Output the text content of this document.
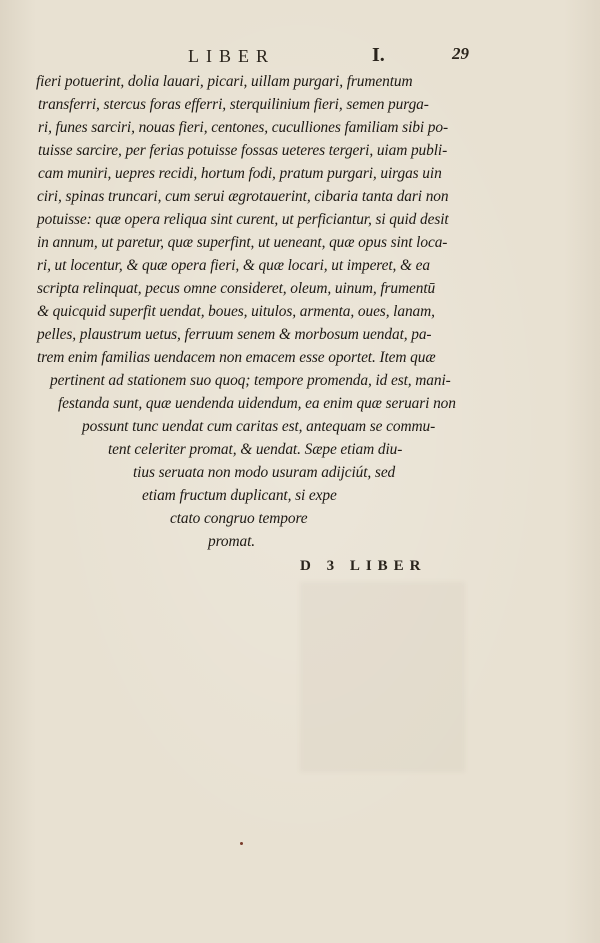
LIBER	I.	29
fieri potuerint, dolia lauari, picari, uillam purgari, frumentum
transferri, stercus foras efferri, sterquilinium fieri, semen purga-
ri, funes sarciri, nouas fieri, centones, cuculliones familiam sibi po-
tuisse sarcire, per ferias potuisse fossas ueteres tergeri, uiam publi-
cam muniri, uepres recidi, hortum fodi, pratum purgari, uirgas uin
ciri, spinas truncari, cum serui ægrotauerint, cibaria tanta dari non
potuisse: quæ opera reliqua sint curent, ut perficiantur, si quid desit
in annum, ut paretur, quæ superfint, ut ueneant, quæ opus sint loca-
ri, ut locentur, & quæ opera fieri, & quæ locari, ut imperet, & ea
scripta relinquat, pecus omne consideret, oleum, uinum, frumentū
& quicquid superfit uendat, boues, uitulos, armenta, oues, lanam,
pelles, plaustrum uetus, ferruum senem & morbosum uendat, pa-
trem enim familias uendacem non emacem esse oportet. Item quæ
pertinent ad stationem suo quoq; tempore promenda, id est, mani-
festanda sunt, quæ uendenda uidendum, ea enim quæ seruari non
possunt tunc uendat cum caritas est, antequam se commu-
tent celeriter promat, & uendat. Sæpe etiam diu-
tius seruata non modo usuram adijciút, sed
etiam fructum duplicant, si expe
ctato congruo tempore
promat.
D 3 LIBER
